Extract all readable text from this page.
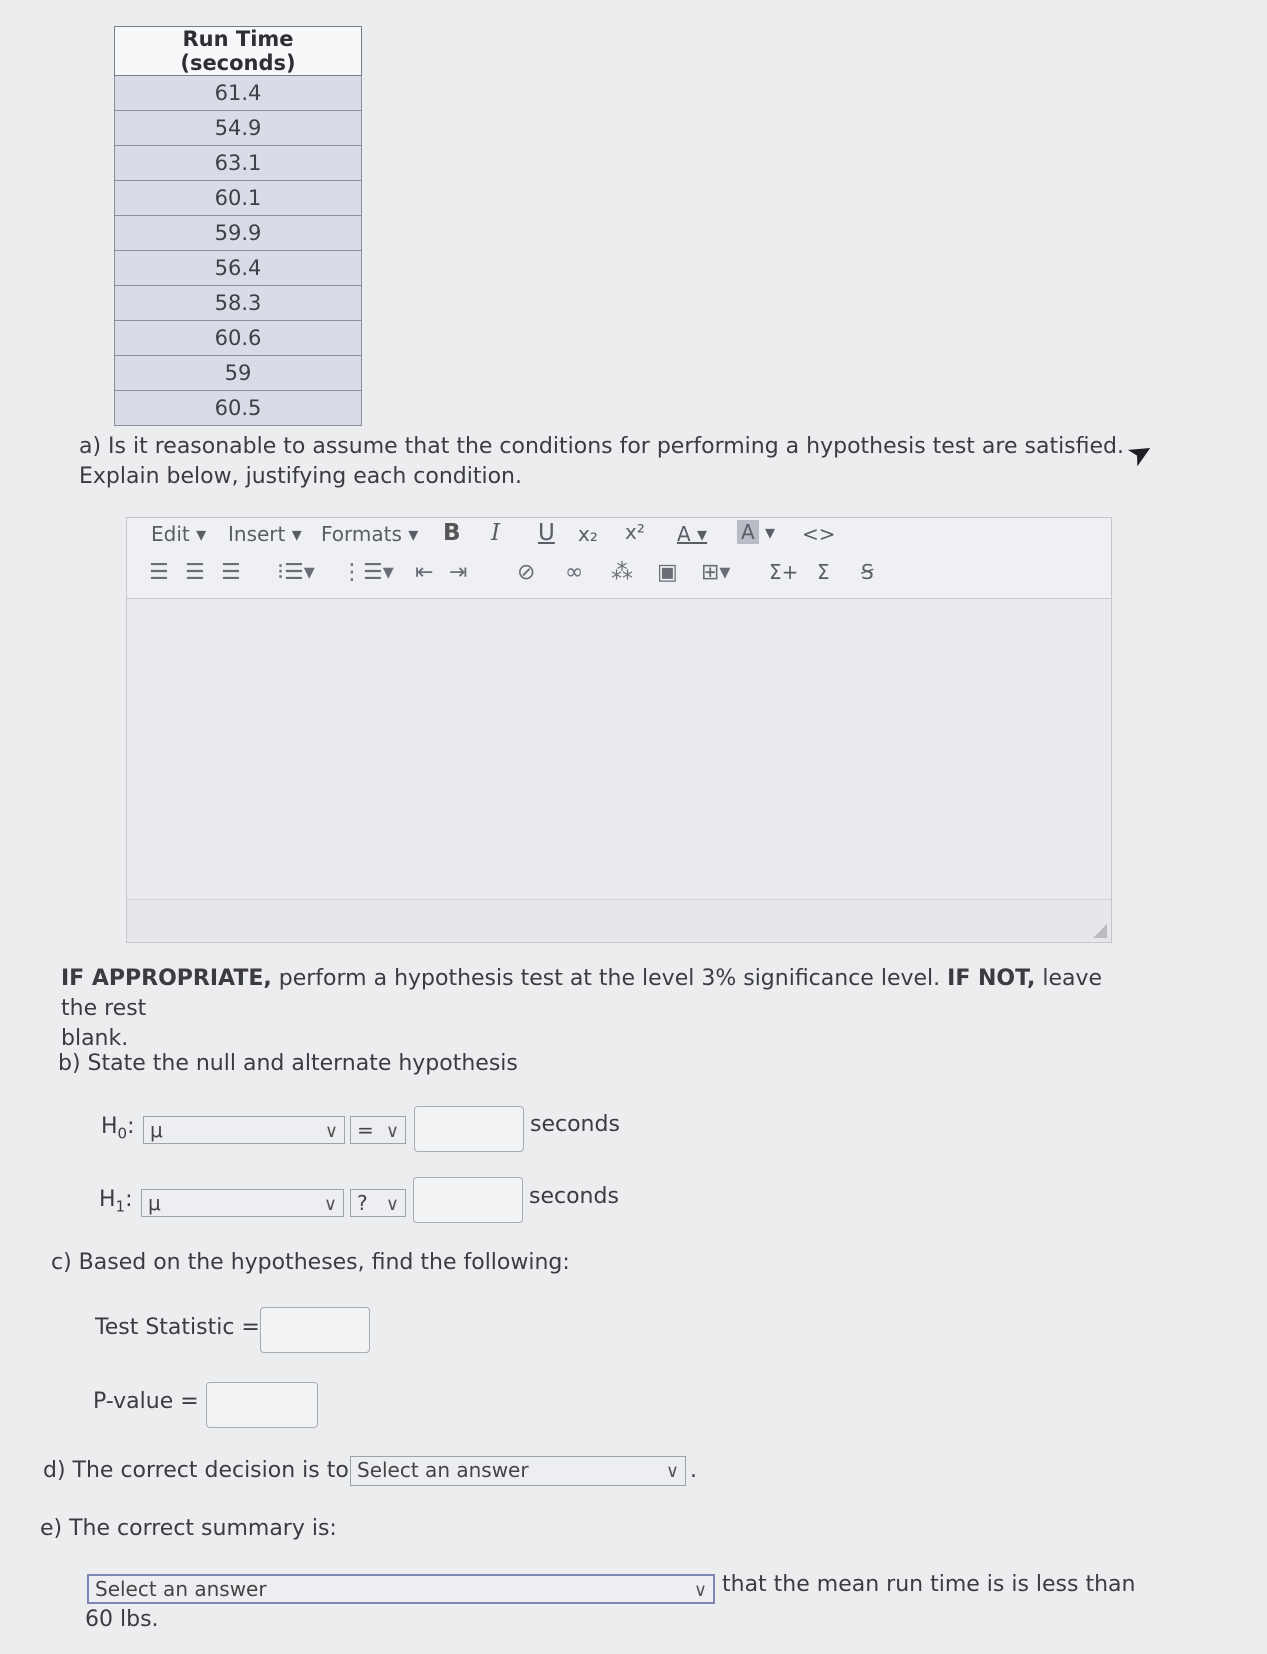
Run Time (seconds)
61.4
54.9
63.1
60.1
59.9
56.4
58.3
60.6
59
60.5
a) Is it reasonable to assume that the conditions for performing a hypothesis test are satisfied.
Explain below, justifying each condition.
Edit ▾ Insert ▾ Formats ▾ B I U x₂ x² A ▾ A ▾ <>
☰ ☰ ☰ ⁝☰▾ ⋮☰▾ ⇤ ⇥ ⊘ ∞ ⁂ ▣ ⊞▾ Σ+ Σ Ꞩ
IF APPROPRIATE, perform a hypothesis test at the level 3% significance level. IF NOT, leave the rest
blank.
b) State the null and alternate hypothesis
$H_0$: μ	∨ = ∨	seconds
$H_1$: μ	∨	? ∨	seconds
c) Based on the hypotheses, find the following:
Test Statistic =
P-value =
d) The correct decision is to Select an answer	∨ .
e) The correct summary is:
Select an answer	∨ that the mean run time is is less than
60 lbs.
➤
